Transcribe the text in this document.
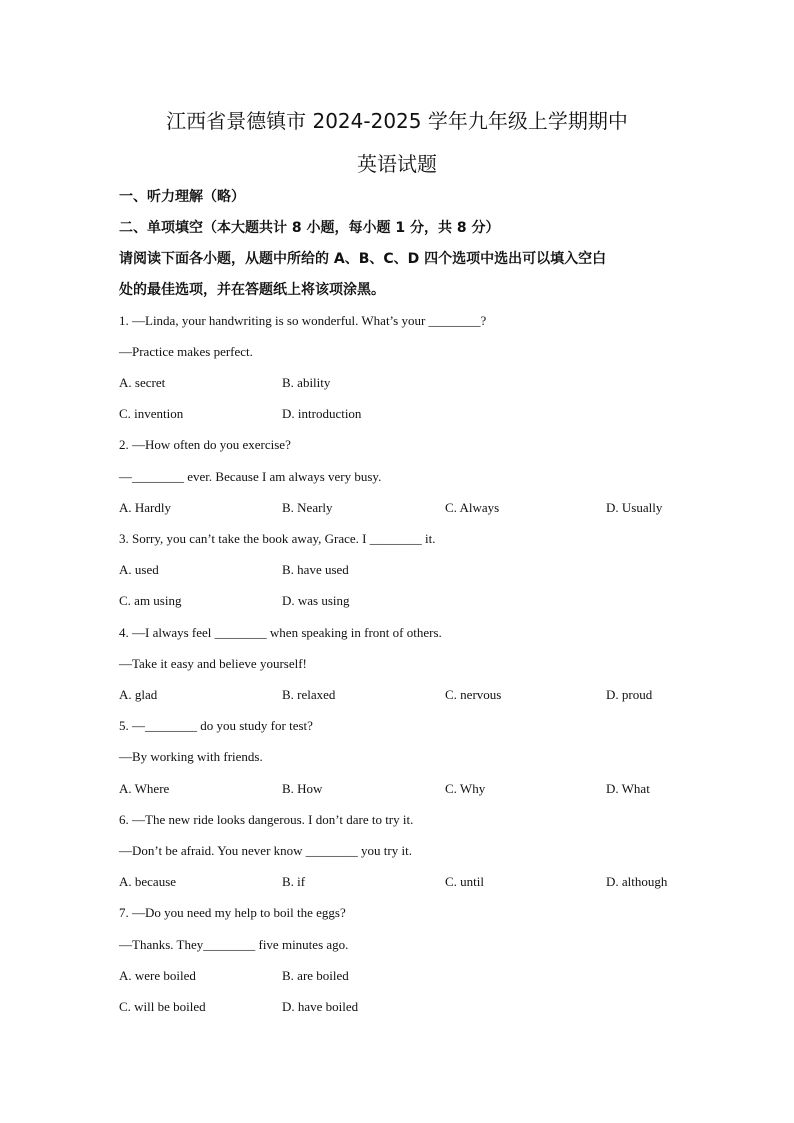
江西省景德镇市 2024-2025 学年九年级上学期期中
英语试题
一、听力理解（略）
二、单项填空（本大题共计 8 小题，每小题 1 分，共 8 分）
请阅读下面各小题，从题中所给的 A、B、C、D 四个选项中选出可以填入空白
处的最佳选项，并在答题纸上将该项涂黑。
1. —Linda, your handwriting is so wonderful. What’s your ________?
—Practice makes perfect.
A. secret	B. ability
C. invention	D. introduction
2. —How often do you exercise?
—________ ever. Because I am always very busy.
A. Hardly	B. Nearly	C. Always	D. Usually
3. Sorry, you can’t take the book away, Grace. I ________ it.
A. used	B. have used
C. am using	D. was using
4. —I always feel ________ when speaking in front of others.
—Take it easy and believe yourself!
A. glad	B. relaxed	C. nervous	D. proud
5. —________ do you study for test?
—By working with friends.
A. Where	B. How	C. Why	D. What
6. —The new ride looks dangerous. I don’t dare to try it.
—Don’t be afraid. You never know ________ you try it.
A. because	B. if	C. until	D. although
7. —Do you need my help to boil the eggs?
—Thanks. They________ five minutes ago.
A. were boiled	B. are boiled
C. will be boiled	D. have boiled
